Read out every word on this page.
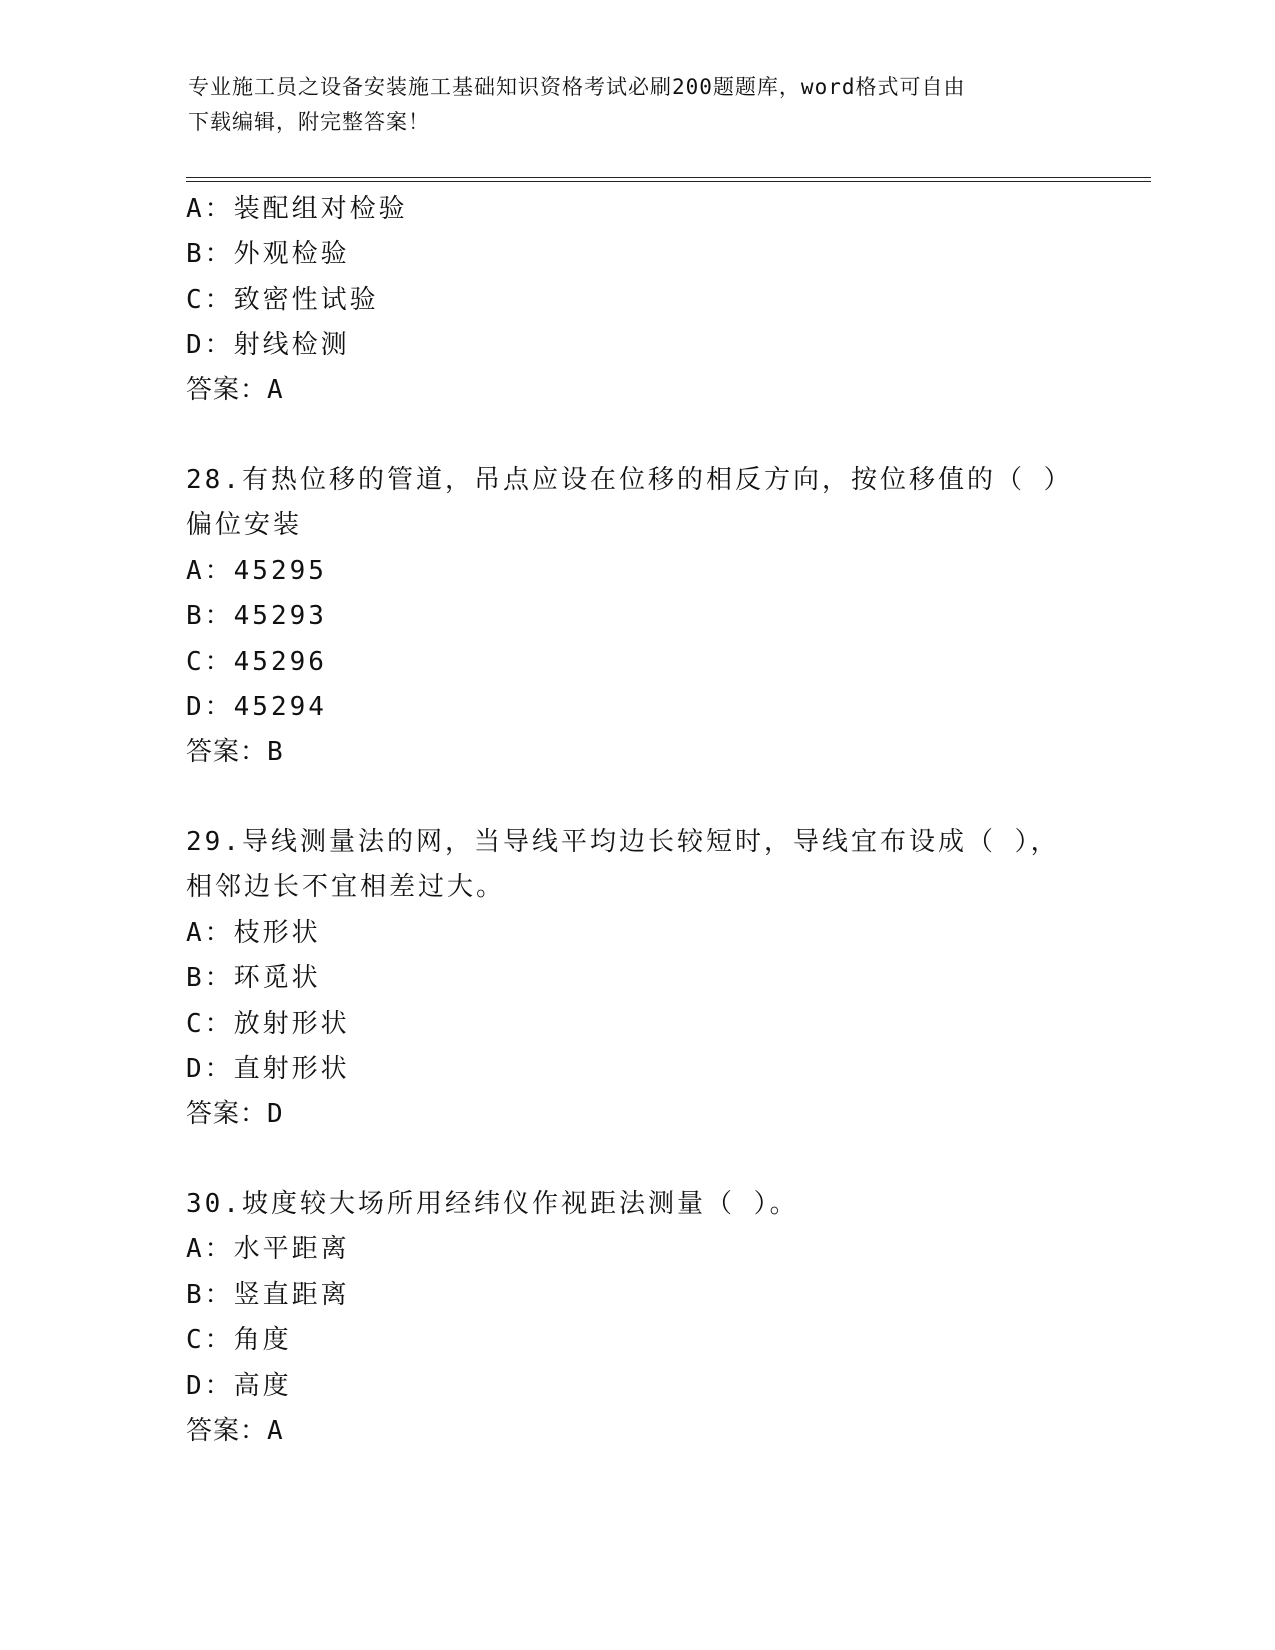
专业施工员之设备安装施工基础知识资格考试必刷200题题库，word格式可自由
下载编辑，附完整答案！
A：装配组对检验
B：外观检验
C：致密性试验
D：射线检测
答案：A
28.有热位移的管道，吊点应设在位移的相反方向，按位移值的（ ）
偏位安装
A：45295
B：45293
C：45296
D：45294
答案：B
29.导线测量法的网，当导线平均边长较短时，导线宜布设成（ ），
相邻边长不宜相差过大。
A：枝形状
B：环觅状
C：放射形状
D：直射形状
答案：D
30.坡度较大场所用经纬仪作视距法测量（ ）。
A：水平距离
B：竖直距离
C：角度
D：高度
答案：A
